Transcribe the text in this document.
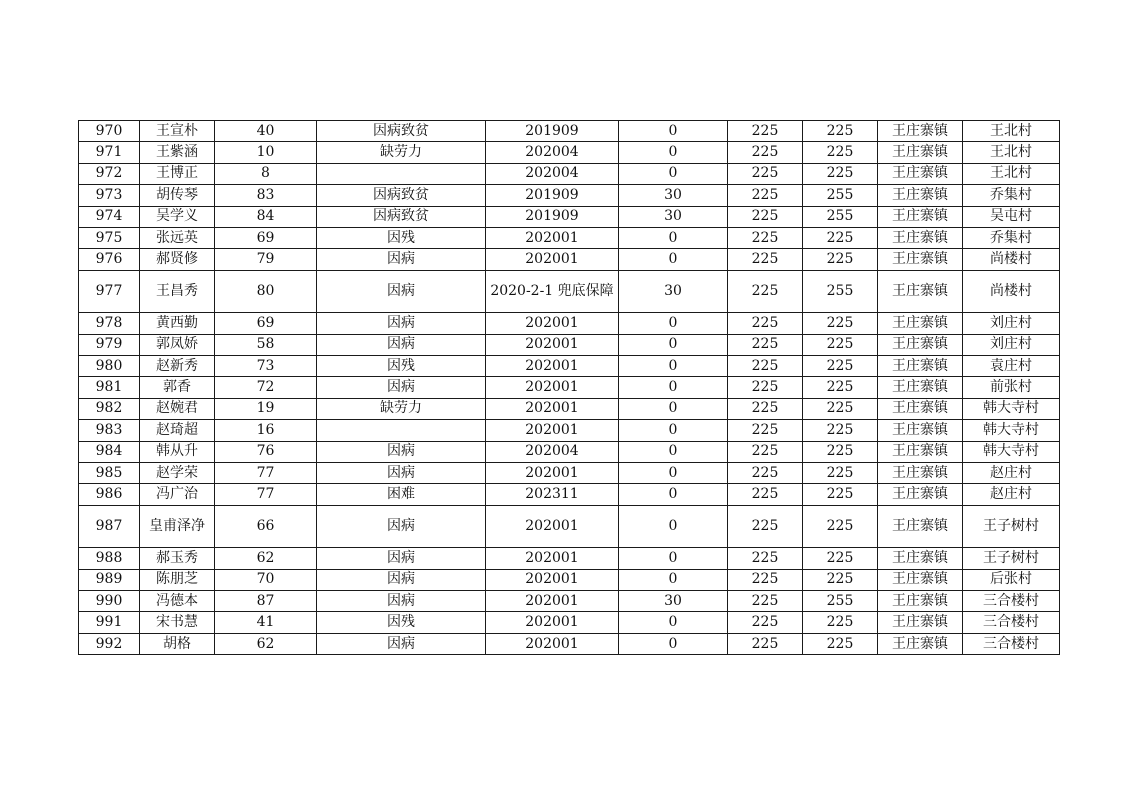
970	王宣朴	40	因病致贫	201909	0	225	225	王庄寨镇	王北村
971	王紫涵	10	缺劳力	202004	0	225	225	王庄寨镇	王北村
972	王博正	8		202004	0	225	225	王庄寨镇	王北村
973	胡传琴	83	因病致贫	201909	30	225	255	王庄寨镇	乔集村
974	吴学义	84	因病致贫	201909	30	225	255	王庄寨镇	吴屯村
975	张远英	69	因残	202001	0	225	225	王庄寨镇	乔集村
976	郝贤修	79	因病	202001	0	225	225	王庄寨镇	尚楼村
977	王昌秀	80	因病	2020-2-1 兜底保障	30	225	255	王庄寨镇	尚楼村
978	黄西勤	69	因病	202001	0	225	225	王庄寨镇	刘庄村
979	郭凤娇	58	因病	202001	0	225	225	王庄寨镇	刘庄村
980	赵新秀	73	因残	202001	0	225	225	王庄寨镇	袁庄村
981	郭香	72	因病	202001	0	225	225	王庄寨镇	前张村
982	赵婉君	19	缺劳力	202001	0	225	225	王庄寨镇	韩大寺村
983	赵琦超	16		202001	0	225	225	王庄寨镇	韩大寺村
984	韩从升	76	因病	202004	0	225	225	王庄寨镇	韩大寺村
985	赵学荣	77	因病	202001	0	225	225	王庄寨镇	赵庄村
986	冯广治	77	困难	202311	0	225	225	王庄寨镇	赵庄村
987	皇甫泽净	66	因病	202001	0	225	225	王庄寨镇	王子树村
988	郝玉秀	62	因病	202001	0	225	225	王庄寨镇	王子树村
989	陈朋芝	70	因病	202001	0	225	225	王庄寨镇	后张村
990	冯德本	87	因病	202001	30	225	255	王庄寨镇	三合楼村
991	宋书慧	41	因残	202001	0	225	225	王庄寨镇	三合楼村
992	胡格	62	因病	202001	0	225	225	王庄寨镇	三合楼村
